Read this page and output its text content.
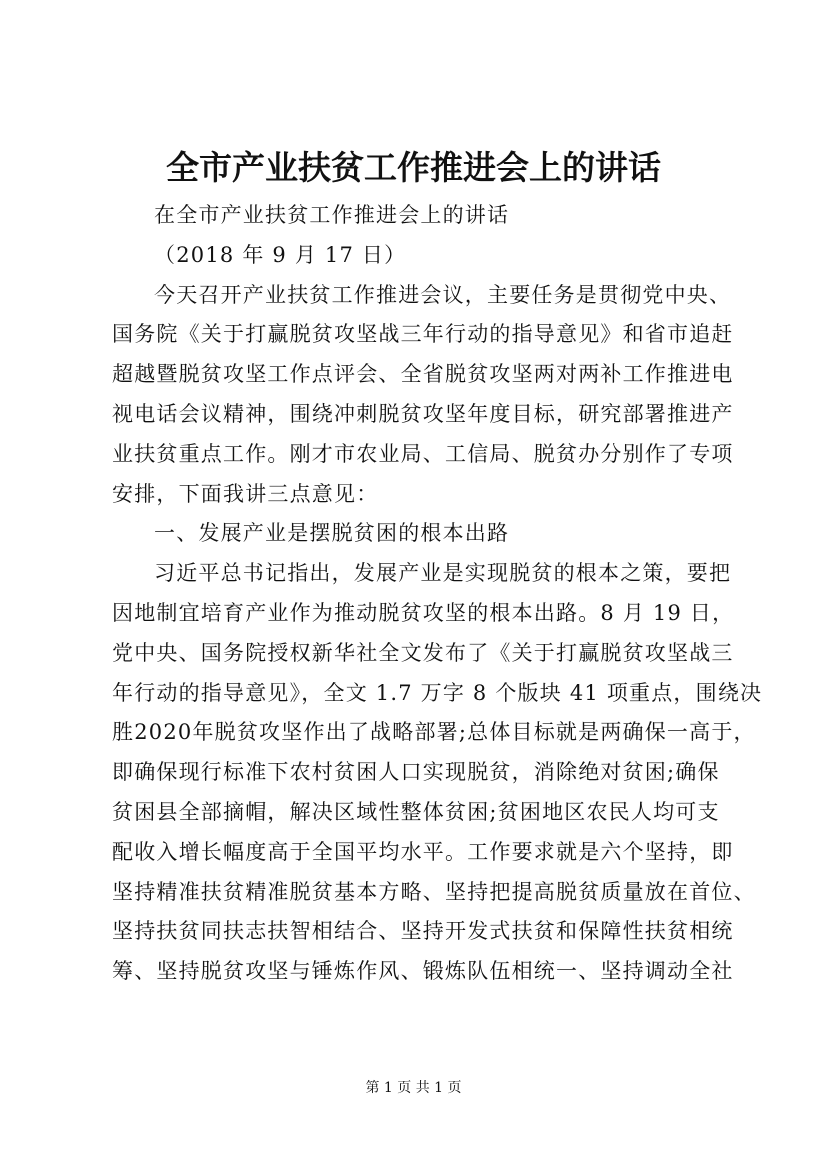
全市产业扶贫工作推进会上的讲话
在全市产业扶贫工作推进会上的讲话
（2018 年 9 月 17 日）
今天召开产业扶贫工作推进会议，主要任务是贯彻党中央、
国务院《关于打赢脱贫攻坚战三年行动的指导意见》和省市追赶
超越暨脱贫攻坚工作点评会、全省脱贫攻坚两对两补工作推进电
视电话会议精神，围绕冲刺脱贫攻坚年度目标，研究部署推进产
业扶贫重点工作。刚才市农业局、工信局、脱贫办分别作了专项
安排，下面我讲三点意见：
一、发展产业是摆脱贫困的根本出路
习近平总书记指出，发展产业是实现脱贫的根本之策，要把
因地制宜培育产业作为推动脱贫攻坚的根本出路。8 月 19 日，
党中央、国务院授权新华社全文发布了《关于打赢脱贫攻坚战三
年行动的指导意见》，全文 1.7 万字 8 个版块 41 项重点，围绕决
胜2020年脱贫攻坚作出了战略部署;总体目标就是两确保一高于，
即确保现行标准下农村贫困人口实现脱贫，消除绝对贫困;确保
贫困县全部摘帽，解决区域性整体贫困;贫困地区农民人均可支
配收入增长幅度高于全国平均水平。工作要求就是六个坚持，即
坚持精准扶贫精准脱贫基本方略、坚持把提高脱贫质量放在首位、
坚持扶贫同扶志扶智相结合、坚持开发式扶贫和保障性扶贫相统
筹、坚持脱贫攻坚与锤炼作风、锻炼队伍相统一、坚持调动全社
第 1 页 共 1 页
